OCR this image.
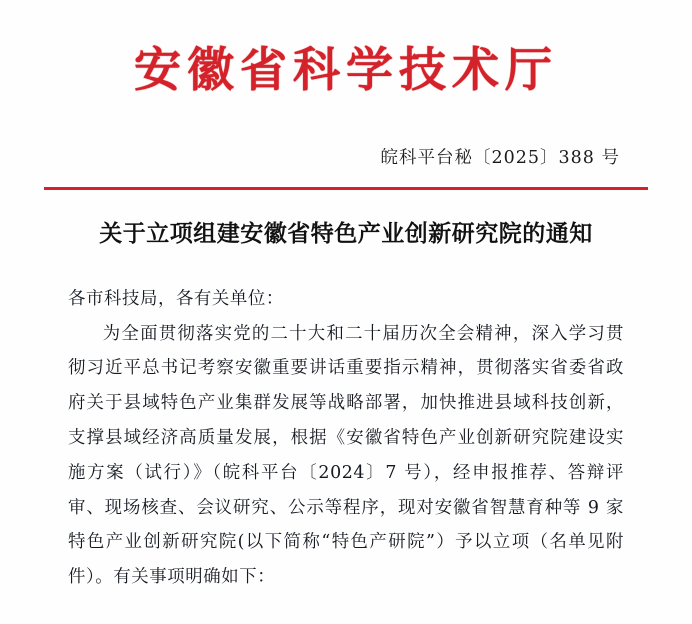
安徽省科学技术厅
皖科平台秘〔2025〕388 号
关于立项组建安徽省特色产业创新研究院的通知
各市科技局，各有关单位：
为全面贯彻落实党的二十大和二十届历次全会精神，深入学习贯彻习近平总书记考察安徽重要讲话重要指示精神，贯彻落实省委省政府关于县域特色产业集群发展等战略部署，加快推进县域科技创新，支撑县域经济高质量发展，根据《安徽省特色产业创新研究院建设实施方案（试行）》（皖科平台〔2024〕7 号），经申报推荐、答辩评审、现场核查、会议研究、公示等程序，现对安徽省智慧育种等 9 家特色产业创新研究院(以下简称“特色产研院”）予以立项（名单见附件）。有关事项明确如下：
